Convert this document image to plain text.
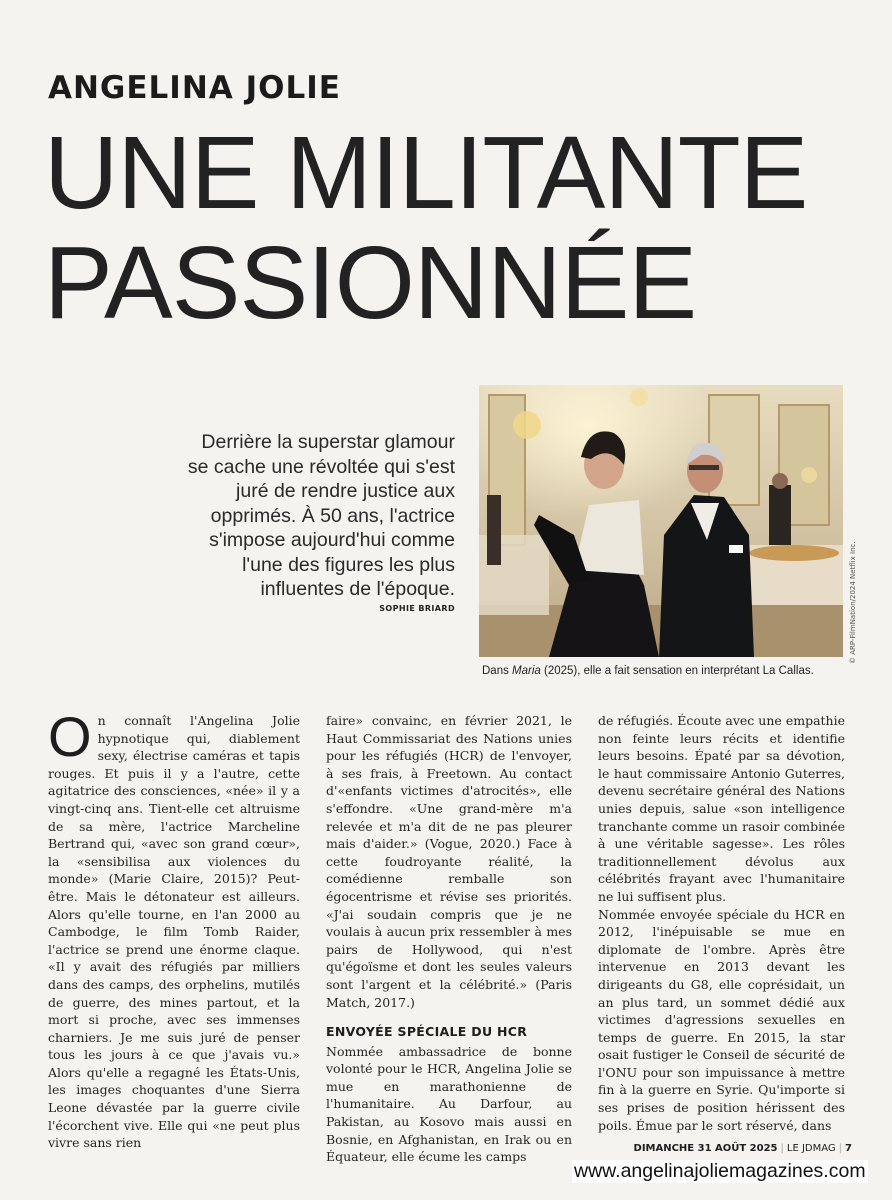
ANGELINA JOLIE
UNE MILITANTE
PASSIONNÉE
Derrière la superstar glamour se cache une révoltée qui s'est juré de rendre justice aux opprimés. À 50 ans, l'actrice s'impose aujourd'hui comme l'une des figures les plus influentes de l'époque.
SOPHIE BRIARD	© ARP-FilmNation/2024 Netflix Inc.
Dans Maria (2025), elle a fait sensation en interprétant La Callas.
O n connaît l'Angelina Jolie hypnotique qui, diablement sexy, électrise caméras et tapis rouges. Et puis il y a l'autre, cette agitatrice des consciences, «née» il y a vingt-cinq ans. Tient-elle cet altruisme de sa mère, l'actrice Marcheline Bertrand qui, «avec son grand cœur», la «sensibilisa aux violences du monde» (Marie Claire, 2015)? Peut-être. Mais le détonateur est ailleurs. Alors qu'elle tourne, en l'an 2000 au Cambodge, le film Tomb Raider, l'actrice se prend une énorme claque. «Il y avait des réfugiés par milliers dans des camps, des orphelins, mutilés de guerre, des mines partout, et la mort si proche, avec ses immenses charniers. Je me suis juré de penser tous les jours à ce que j'avais vu.» Alors qu'elle a regagné les États-Unis, les images choquantes d'une Sierra Leone dévastée par la guerre civile l'écorchent vive. Elle qui «ne peut plus vivre sans rien

faire» convainc, en février 2021, le Haut Commissariat des Nations unies pour les réfugiés (HCR) de l'envoyer, à ses frais, à Freetown. Au contact d'«enfants victimes d'atrocités», elle s'effondre. «Une grand-mère m'a relevée et m'a dit de ne pas pleurer mais d'aider.» (Vogue, 2020.) Face à cette foudroyante réalité, la comédienne remballe son égocentrisme et révise ses priorités. «J'ai soudain compris que je ne voulais à aucun prix ressembler à mes pairs de Hollywood, qui n'est qu'égoïsme et dont les seules valeurs sont l'argent et la célébrité.» (Paris Match, 2017.)

ENVOYÉE SPÉCIALE DU HCR

Nommée ambassadrice de bonne volonté pour le HCR, Angelina Jolie se mue en marathonienne de l'humanitaire. Au Darfour, au Pakistan, au Kosovo mais aussi en Bosnie, en Afghanistan, en Irak ou en Équateur, elle écume les camps

de réfugiés. Écoute avec une empathie non feinte leurs récits et identifie leurs besoins. Épaté par sa dévotion, le haut commissaire Antonio Guterres, devenu secrétaire général des Nations unies depuis, salue «son intelligence tranchante comme un rasoir combinée à une véritable sagesse». Les rôles traditionnellement dévolus aux célébrités frayant avec l'humanitaire ne lui suffisent plus.

Nommée envoyée spéciale du HCR en 2012, l'inépuisable se mue en diplomate de l'ombre. Après être intervenue en 2013 devant les dirigeants du G8, elle coprésidait, un an plus tard, un sommet dédié aux victimes d'agressions sexuelles en temps de guerre. En 2015, la star osait fustiger le Conseil de sécurité de l'ONU pour son impuissance à mettre fin à la guerre en Syrie. Qu'importe si ses prises de position hérissent des poils. Émue par le sort réservé, dans

DIMANCHE 31 AOÛT 2025 | LE JDMAG | 7
www.angelinajoliemagazines.com
